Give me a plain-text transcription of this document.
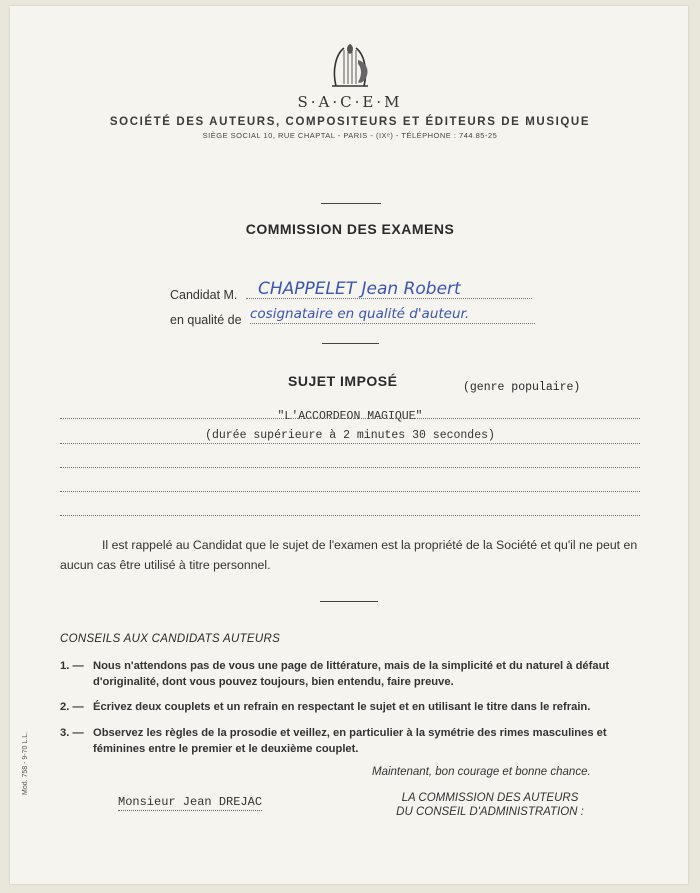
S·A·C·E·M
SOCIÉTÉ DES AUTEURS, COMPOSITEURS ET ÉDITEURS DE MUSIQUE
SIÈGE SOCIAL 10, RUE CHAPTAL - PARIS - (IXᵉ) - TÉLÉPHONE : 744.85-25
COMMISSION DES EXAMENS
Candidat M. CHAPPELET Jean Robert
en qualité de cosignataire en qualité d'auteur.
SUJET IMPOSÉ	(genre populaire)
"L'ACCORDEON MAGIQUE"
(durée supérieure à 2 minutes 30 secondes)
Il est rappelé au Candidat que le sujet de l'examen est la propriété de la Société et qu'il ne peut en aucun cas être utilisé à titre personnel.
CONSEILS AUX CANDIDATS AUTEURS
1. — Nous n'attendons pas de vous une page de littérature, mais de la simplicité et du naturel à défaut d'originalité, dont vous pouvez toujours, bien entendu, faire preuve.
2. — Écrivez deux couplets et un refrain en respectant le sujet et en utilisant le titre dans le refrain.
3. — Observez les règles de la prosodie et veillez, en particulier à la symétrie des rimes masculines et féminines entre le premier et le deuxième couplet.
Maintenant, bon courage et bonne chance.
Monsieur Jean DREJAC	LA COMMISSION DES AUTEURS
DU CONSEIL D'ADMINISTRATION :
Mod. 758 - 9-70 L.L.
